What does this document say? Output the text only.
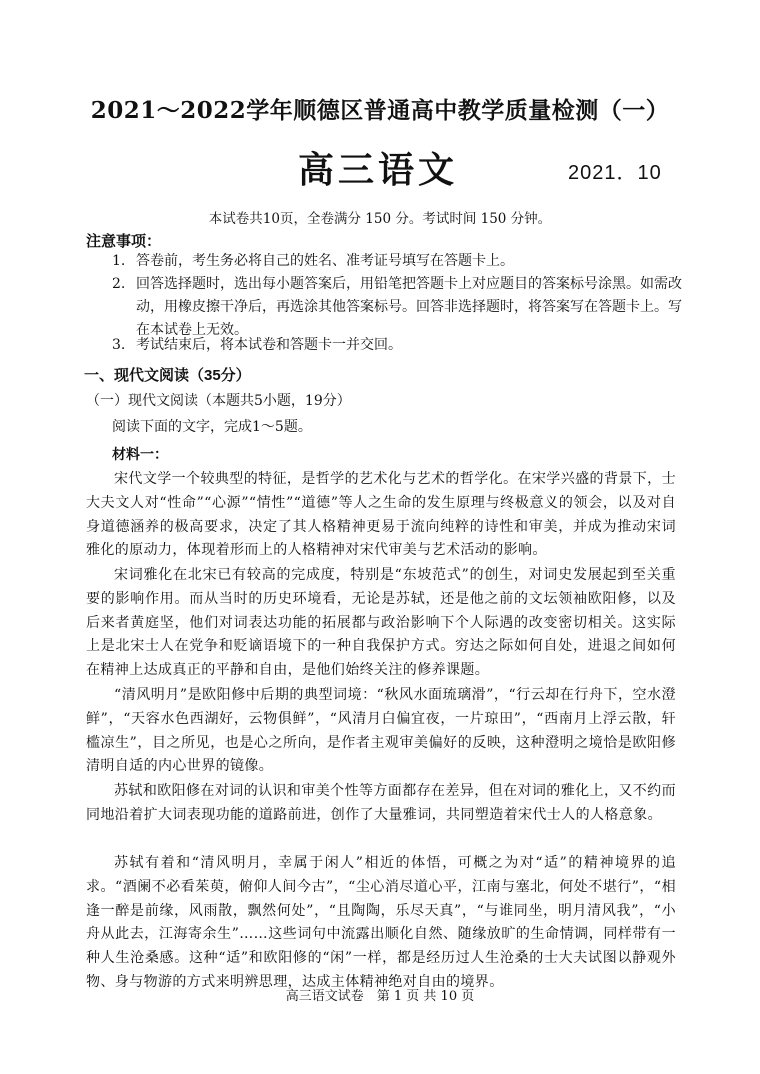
2021～2022学年顺德区普通高中教学质量检测（一）
高三语文	2021．10
本试卷共10页，全卷满分 150 分。考试时间 150 分钟。
注意事项：
1. 答卷前，考生务必将自己的姓名、准考证号填写在答题卡上。
2. 回答选择题时，选出每小题答案后，用铅笔把答题卡上对应题目的答案标号涂黑。如需改动，用橡皮擦干净后，再选涂其他答案标号。回答非选择题时，将答案写在答题卡上。写在本试卷上无效。
3. 考试结束后，将本试卷和答题卡一并交回。
一、现代文阅读（35分）
（一）现代文阅读（本题共5小题，19分）
阅读下面的文字，完成1～5题。
材料一：

宋代文学一个较典型的特征，是哲学的艺术化与艺术的哲学化。在宋学兴盛的背景下，士大夫文人对“性命”“心源”“情性”“道德”等人之生命的发生原理与终极意义的领会，以及对自身道德涵养的极高要求，决定了其人格精神更易于流向纯粹的诗性和审美，并成为推动宋词雅化的原动力，体现着形而上的人格精神对宋代审美与艺术活动的影响。

宋词雅化在北宋已有较高的完成度，特别是“东坡范式”的创生，对词史发展起到至关重要的影响作用。而从当时的历史环境看，无论是苏轼，还是他之前的文坛领袖欧阳修，以及后来者黄庭坚，他们对词表达功能的拓展都与政治影响下个人际遇的改变密切相关。这实际上是北宋士人在党争和贬谪语境下的一种自我保护方式。穷达之际如何自处，进退之间如何在精神上达成真正的平静和自由，是他们始终关注的修养课题。

“清风明月”是欧阳修中后期的典型词境：“秋风水面琉璃滑”，“行云却在行舟下，空水澄鲜”，“天容水色西湖好，云物俱鲜”，“风清月白偏宜夜，一片琼田”，“西南月上浮云散，轩槛凉生”，目之所见，也是心之所向，是作者主观审美偏好的反映，这种澄明之境恰是欧阳修清明自适的内心世界的镜像。

苏轼和欧阳修在对词的认识和审美个性等方面都存在差异，但在对词的雅化上，又不约而同地沿着扩大词表现功能的道路前进，创作了大量雅词，共同塑造着宋代士人的人格意象。

苏轼有着和“清风明月，幸属于闲人”相近的体悟，可概之为对“适”的精神境界的追求。“酒阑不必看茱萸，俯仰人间今古”，“尘心消尽道心平，江南与塞北，何处不堪行”，“相逢一醉是前缘，风雨散，飘然何处”，“且陶陶，乐尽天真”，“与谁同坐，明月清风我”，“小舟从此去，江海寄余生”……这些词句中流露出顺化自然、随缘放旷的生命情调，同样带有一种人生沧桑感。这种“适”和欧阳修的“闲”一样，都是经历过人生沧桑的士大夫试图以静观外物、身与物游的方式来明辨思理，达成主体精神绝对自由的境界。

高三语文试卷　第 1 页 共 10 页
